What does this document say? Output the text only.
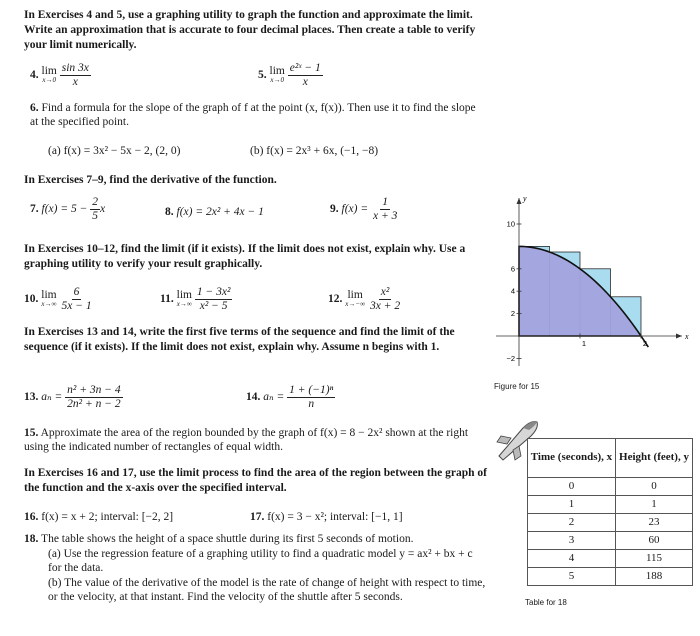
In Exercises 4 and 5, use a graphing utility to graph the function and approximate the limit. Write an approximation that is accurate to four decimal places. Then create a table to verify your limit numerically.
4. lim
x→0
$\frac{\sin 3x}{x}$	5. lim
x→0
$\frac{\text{e²ˣ − 1}}{x}$
6. Find a formula for the slope of the graph of f at the point (x, f(x)). Then use it to find the slope at the specified point.
(a) f(x) = 3x² − 5x − 2, (2, 0)	(b) f(x) = 2x³ + 6x, (−1, −8)
In Exercises 7–9, find the derivative of the function.
7. $f(x) = 5 - \frac{2}{5}$ x	8. f(x) = 2x² + 4x − 1	9. $f(x) = \frac{1}{x + 3}$
In Exercises 10–12, find the limit (if it exists). If the limit does not exist, explain why. Use a graphing utility to verify your result graphically.
10. lim
x→∞
$\frac{6}{5x - 1}$	11. lim
x→∞
$\frac{\text{1 − 3x²}}{\text{x² − 5}}$	12. lim
x→−∞
$\frac{\text{x²}}{3x + 2}$
In Exercises 13 and 14, write the first five terms of the sequence and find the limit of the sequence (if it exists). If the limit does not exist, explain why. Assume n begins with 1.
13. $a_n = \frac{\text{n² + 3n − 4}}{\text{2n² + n − 2}}$	14. $a_n = \frac{\text{1 + (−1)ⁿ}}{n}$
15. Approximate the area of the region bounded by the graph of f(x) = 8 − 2x² shown at the right using the indicated number of rectangles of equal width.
In Exercises 16 and 17, use the limit process to find the area of the region between the graph of the function and the x-axis over the specified interval.
16. f(x) = x + 2; interval: [−2, 2]	17. f(x) = 3 − x²; interval: [−1, 1]
18. The table shows the height of a space shuttle during its first 5 seconds of motion.
(a) Use the regression feature of a graphing utility to find a quadratic model y = ax² + bx + c for the data.
(b) The value of the derivative of the model is the rate of change of height with respect to time, or the velocity, at that instant. Find the velocity of the shuttle after 5 seconds.
x
y
10
6
4
2
−2
1	2
Figure for 15
Time (seconds), x	Height (feet), y
0	0
1	1
2	23
3	60
4	115
5	188
Table for 18
